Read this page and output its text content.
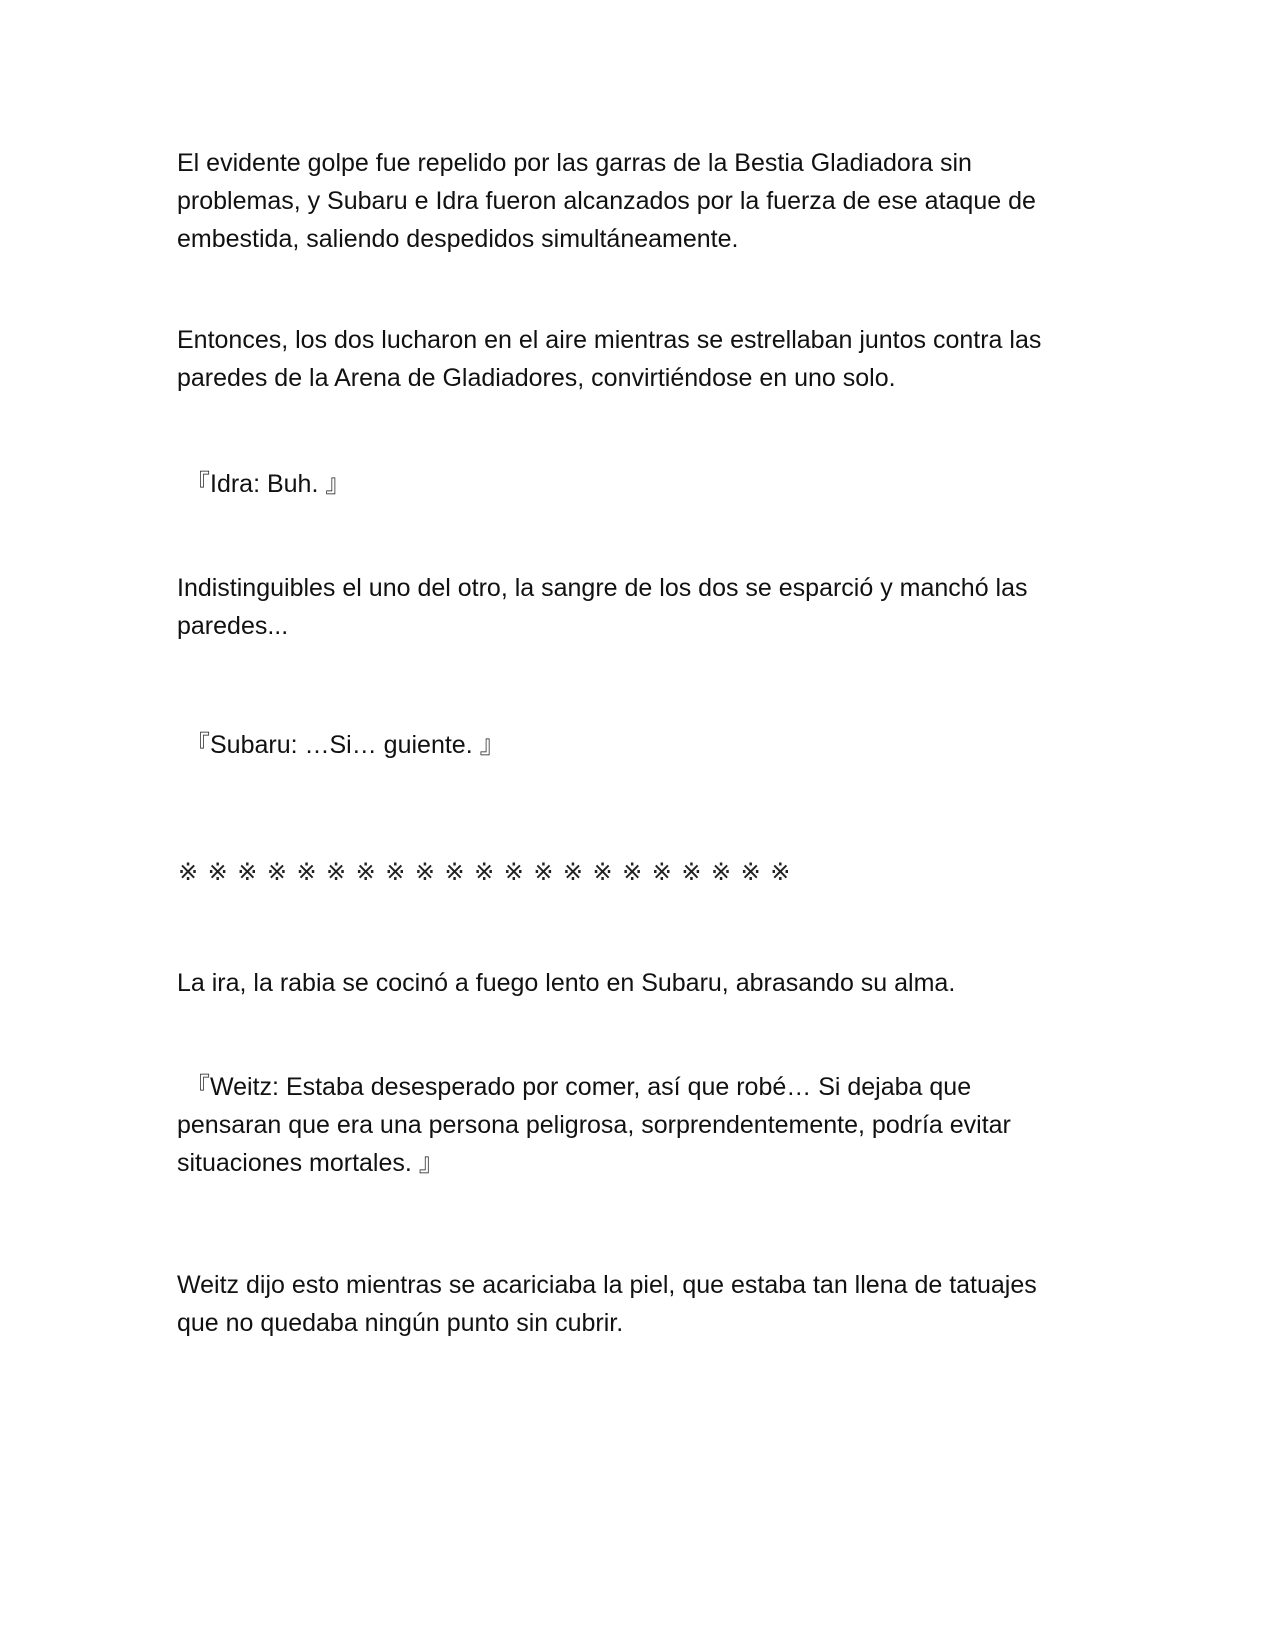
El evidente golpe fue repelido por las garras de la Bestia Gladiadora sin
problemas, y Subaru e Idra fueron alcanzados por la fuerza de ese ataque de
embestida, saliendo despedidos simultáneamente.
Entonces, los dos lucharon en el aire mientras se estrellaban juntos contra las
paredes de la Arena de Gladiadores, convirtiéndose en uno solo.
『Idra: Buh. 』
Indistinguibles el uno del otro, la sangre de los dos se esparció y manchó las
paredes...
『Subaru: …Si… guiente. 』
※※※※※※※※※※※※※※※※※※※※※
La ira, la rabia se cocinó a fuego lento en Subaru, abrasando su alma.
『Weitz: Estaba desesperado por comer, así que robé… Si dejaba que
pensaran que era una persona peligrosa, sorprendentemente, podría evitar
situaciones mortales. 』
Weitz dijo esto mientras se acariciaba la piel, que estaba tan llena de tatuajes
que no quedaba ningún punto sin cubrir.
